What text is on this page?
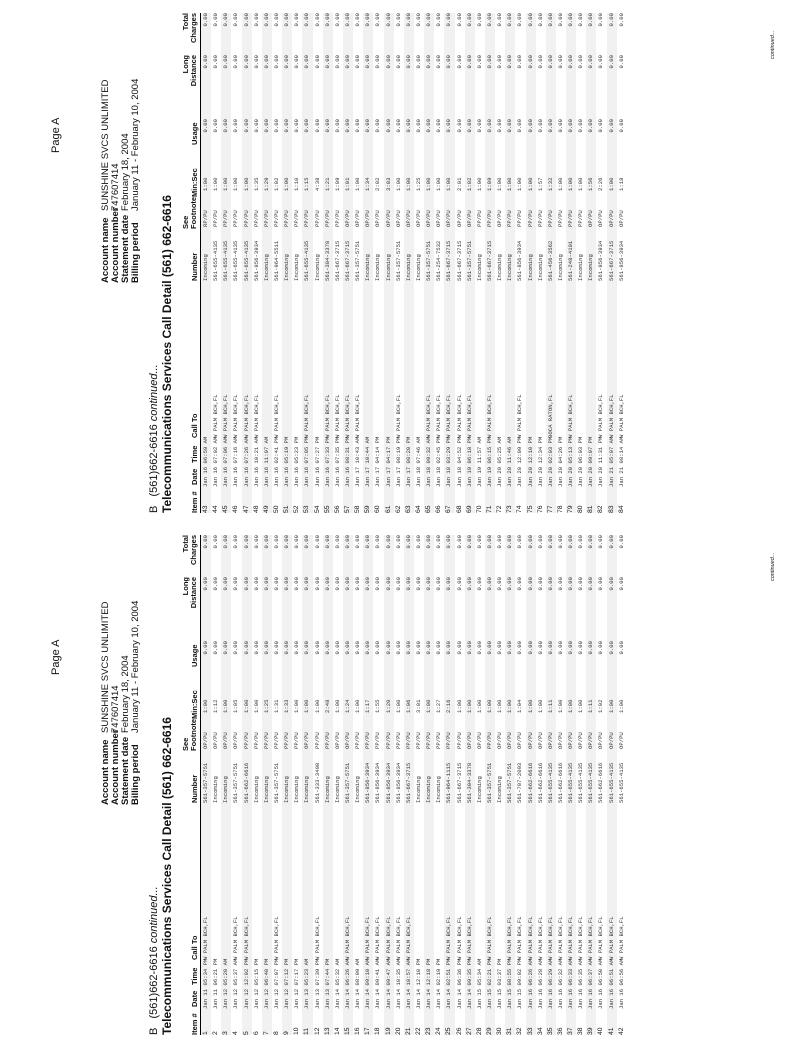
Page A
Account name
SUNSHINE SVCS UNLIMITED
Account number
747607414
Statement date
February 18, 2004
Billing period
January 11 - February 10, 2004
B   (561)662-6616 continued... Telecommunications Services Call Detail (561) 662-6616 Item #
Date
Time
Call To
Number
See Footnote
Min:Sec
Usage
Long Distance
Total Charges
1
Jan 11 05:34 PM
W PALM BCH,FL
561-357-5751
OP/PU
1:00
0.00
0.00
0.00
2
Jan 11 06:21 PM
Incoming
OP/PU
1:12
0.00
0.00
0.00
3
Jan 12 05:20 AM
Incoming
OP/PU
1:00
0.00
0.00
0.00
4
Jan 12 05:37 AM
W PALM BCH,FL
561-357-5751
OP/PU
1:05
0.00
0.00
0.00
5
Jan 12 12:02 PM
W PALM BCH,FL
561-662-6616
PP/PU
1:00
0.00
0.00
0.00
6
Jan 12 05:15 PM
Incoming
PP/PU
1:00
0.00
0.00
0.00
7
Jan 12 06:40 PM
Incoming
PP/PU
1:25
0.00
0.00
0.00
8
Jan 12 07:07 PM
W PALM BCH,FL
561-357-5751
PP/PU
1:31
0.00
0.00
0.00
9
Jan 12 07:12 PM
Incoming
PP/PU
1:33
0.00
0.00
0.00
10
Jan 12 07:17 PM
Incoming
PP/PU
1:00
0.00
0.00
0.00
11
Jan 13 05:23 AM
Incoming
OP/PU
1:00
0.00
0.00
0.00
12
Jan 13 07:39 PM
W PALM BCH,FL
561-333-3498
PP/PU
1:00
0.00
0.00
0.00
13
Jan 13 07:44 PM
Incoming
PP/PU
2:48
0.00
0.00
0.00
14
Jan 14 05:32 AM
Incoming
OP/PU
1:00
0.00
0.00
0.00
15
Jan 14 06:26 AM
W PALM BCH,FL
561-357-5751
OP/PU
1:24
0.00
0.00
0.00
16
Jan 14 08:09 AM
Incoming
PP/PU
1:00
0.00
0.00
0.00
17
Jan 14 09:10 AM
W PALM BCH,FL
561-856-3934
PP/PU
1:17
0.00
0.00
0.00
18
Jan 14 09:41 AM
W PALM BCH,FL
561-856-3934
PP/PU
1:55
0.00
0.00
0.00
19
Jan 14 09:47 AM
W PALM BCH,FL
561-856-3934
PP/PU
1:20
0.00
0.00
0.00
20
Jan 14 10:35 AM
W PALM BCH,FL
561-856-3934
PP/PU
1:00
0.00
0.00
0.00
21
Jan 14 10:57 AM
W PALM BCH,FL
561-667-3715
PP/PU
1:06
0.00
0.00
0.00
22
Jan 14 12:10 PM
Incoming
PP/PU
3:01
0.00
0.00
0.00
23
Jan 14 12:18 PM
Incoming
PP/PU
1:00
0.00
0.00
0.00
24
Jan 14 02:19 PM
Incoming
PP/PU
1:27
0.00
0.00
0.00
25
Jan 14 02:51 PM
W PALM BCH,FL
561-964-1115
PP/PU
2:16
0.00
0.00
0.00
26
Jan 14 06:36 PM
W PALM BCH,FL
561-667-3715
PP/PU
1:00
0.00
0.00
0.00
27
Jan 14 09:35 PM
W PALM BCH,FL
561-304-3378
OP/PU
1:00
0.00
0.00
0.00
28
Jan 15 05:34 AM
Incoming
OP/PU
1:00
0.00
0.00
0.00
29
Jan 15 02:21 PM
W PALM BCH,FL
561-357-5751
PP/PU
1:00
0.00
0.00
0.00
30
Jan 15 03:37 PM
Incoming
OP/PU
1:00
0.00
0.00
0.00
31
Jan 15 08:55 PM
W PALM BCH,FL
561-357-5751
OP/PU
1:00
0.00
0.00
0.00
32
Jan 15 09:02 PM
W PALM BCH,FL
561-707-2093
OP/PU
1:04
0.00
0.00
0.00
33
Jan 16 06:26 AM
W PALM BCH,FL
561-662-6616
OP/PU
1:00
0.00
0.00
0.00
34
Jan 16 06:28 AM
W PALM BCH,FL
561-662-6616
OP/PU
1:00
0.00
0.00
0.00
35
Jan 16 06:29 AM
W PALM BCH,FL
561-655-4135
OP/PU
1:11
0.00
0.00
0.00
36
Jan 16 06:32 AM
W PALM BCH,FL
561-662-6616
OP/PU
1:00
0.00
0.00
0.00
37
Jan 16 06:33 AM
W PALM BCH,FL
561-655-4135
OP/PU
1:00
0.00
0.00
0.00
38
Jan 16 06:35 AM
W PALM BCH,FL
561-655-4135
OP/PU
1:00
0.00
0.00
0.00
39
Jan 16 06:37 AM
W PALM BCH,FL
561-655-4135
OP/PU
1:11
0.00
0.00
0.00
40
Jan 16 06:50 AM
W PALM BCH,FL
561-662-6616
OP/PU
1:02
0.00
0.00
0.00
41
Jan 16 06:51 AM
W PALM BCH,FL
561-655-4135
OP/PU
1:00
0.00
0.00
0.00
42
Jan 16 06:56 AM
W PALM BCH,FL
561-655-4135
OP/PU
1:00
0.00
0.00
0.00
continued...
Page A
Account name
SUNSHINE SVCS UNLIMITED
Account number
747607414
Statement date
February 18, 2004
Billing period
January 11 - February 10, 2004
B   (561)662-6616 continued... Telecommunications Services Call Detail (561) 662-6616 Item #
Date
Time
Call To
Number
See Footnote
Min:Sec
Usage
Long Distance
Total Charges
43
Jan 16 06:59 AM
Incoming
RP/PU
1:00
0.00
0.00
0.00
44
Jan 16 07:02 AM
W PALM BCH,FL
561-655-4135
PP/PU
1:00
0.00
0.00
0.00
45
Jan 16 07:06 AM
W PALM BCH,FL
561-655-4135
PP/PU
1:00
0.00
0.00
0.00
46
Jan 16 07:16 AM
W PALM BCH,FL
561-655-4135
PP/PU
1:00
0.00
0.00
0.00
47
Jan 16 07:26 AM
W PALM BCH,FL
561-655-4135
PP/PU
1:00
0.00
0.00
0.00
48
Jan 16 10:21 AM
W PALM BCH,FL
561-856-3934
PP/PU
1:35
0.00
0.00
0.00
49
Jan 16 11:07 AM
Incoming
PP/PU
1:29
0.00
0.00
0.00
50
Jan 16 02:41 PM
W PALM BCH,FL
561-964-5511
PP/PU
1:02
0.00
0.00
0.00
51
Jan 16 05:19 PM
Incoming
PP/PU
1:00
0.00
0.00
0.00
52
Jan 16 05:23 PM
Incoming
PP/PU
1:10
0.00
0.00
0.00
53
Jan 16 07:05 PM
W PALM BCH,FL
561-655-4135
PP/PU
1:15
0.00
0.00
0.00
54
Jan 16 07:27 PM
Incoming
PP/PU
4:38
0.00
0.00
0.00
55
Jan 16 07:33 PM
W PALM BCH,FL
561-304-3378
PP/PU
1:21
0.00
0.00
0.00
56
Jan 16 07:35 PM
W PALM BCH,FL
561-667-3715
PP/PU
1:09
0.00
0.00
0.00
57
Jan 16 08:31 PM
W PALM BCH,FL
561-667-3715
OP/PU
1:01
0.00
0.00
0.00
58
Jan 17 10:43 AM
W PALM BCH,FL
561-357-5751
OP/PU
1:00
0.00
0.00
0.00
59
Jan 17 10:44 AM
Incoming
OP/PU
1:34
0.00
0.00
0.00
60
Jan 17 04:14 PM
Incoming
OP/PU
2:02
0.00
0.00
0.00
61
Jan 17 04:17 PM
Incoming
OP/PU
3:03
0.00
0.00
0.00
62
Jan 17 08:19 PM
W PALM BCH,FL
561-357-5751
OP/PU
1:00
0.00
0.00
0.00
63
Jan 17 08:20 PM
Incoming
OP/PU
1:00
0.00
0.00
0.00
64
Jan 18 07:46 AM
Incoming
OP/PU
1:25
0.00
0.00
0.00
65
Jan 18 09:32 AM
W PALM BCH,FL
561-357-5751
OP/PU
1:00
0.00
0.00
0.00
66
Jan 18 02:45 PM
W PALM BCH,FL
561-254-7532
OP/PU
1:00
0.00
0.00
0.00
67
Jan 18 03:29 PM
W PALM BCH,FL
561-667-3715
OP/PU
1:00
0.00
0.00
0.00
68
Jan 18 04:52 PM
W PALM BCH,FL
561-667-3715
OP/PU
2:01
0.00
0.00
0.00
69
Jan 19 06:18 PM
W PALM BCH,FL
561-357-5751
OP/PU
1:02
0.00
0.00
0.00
70
Jan 19 11:57 AM
Incoming
PP/PU
1:00
0.00
0.00
0.00
71
Jan 19 06:15 PM
W PALM BCH,FL
561-667-3715
PP/PU
1:09
0.00
0.00
0.00
72
Jan 20 05:25 AM
Incoming
OP/PU
1:00
0.00
0.00
0.00
73
Jan 20 11:46 AM
Incoming
PP/PU
1:00
0.00
0.00
0.00
74
Jan 20 12:09 PM
W PALM BCH,FL
561-856-3934
PP/PU
1:00
0.00
0.00
0.00
75
Jan 20 12:10 PM
Incoming
PP/PU
1:00
0.00
0.00
0.00
76
Jan 20 12:34 PM
Incoming
PP/PU
1:57
0.00
0.00
0.00
77
Jan 20 02:03 PM
BOCA RATON,FL
561-456-3562
PP/PU
1:32
0.00
0.00
0.00
78
Jan 20 04:26 PM
Incoming
PP/PU
1:00
0.00
0.00
0.00
79
Jan 20 05:13 PM
W PALM BCH,FL
561-248-4101
PP/PU
1:00
0.00
0.00
0.00
80
Jan 20 06:03 PM
Incoming
PP/PU
1:00
0.00
0.00
0.00
81
Jan 20 09:07 PM
Incoming
OP/PU
1:56
0.00
0.00
0.00
82
Jan 20 11:31 PM
W PALM BCH,FL
561-856-3934
OP/PU
2:26
0.00
0.00
0.00
83
Jan 21 05:07 AM
W PALM BCH,FL
561-667-3715
OP/PU
1:00
0.00
0.00
0.00
84
Jan 21 08:14 AM
W PALM BCH,FL
561-856-3934
OP/PU
1:18
0.00
0.00
0.00
continued...
